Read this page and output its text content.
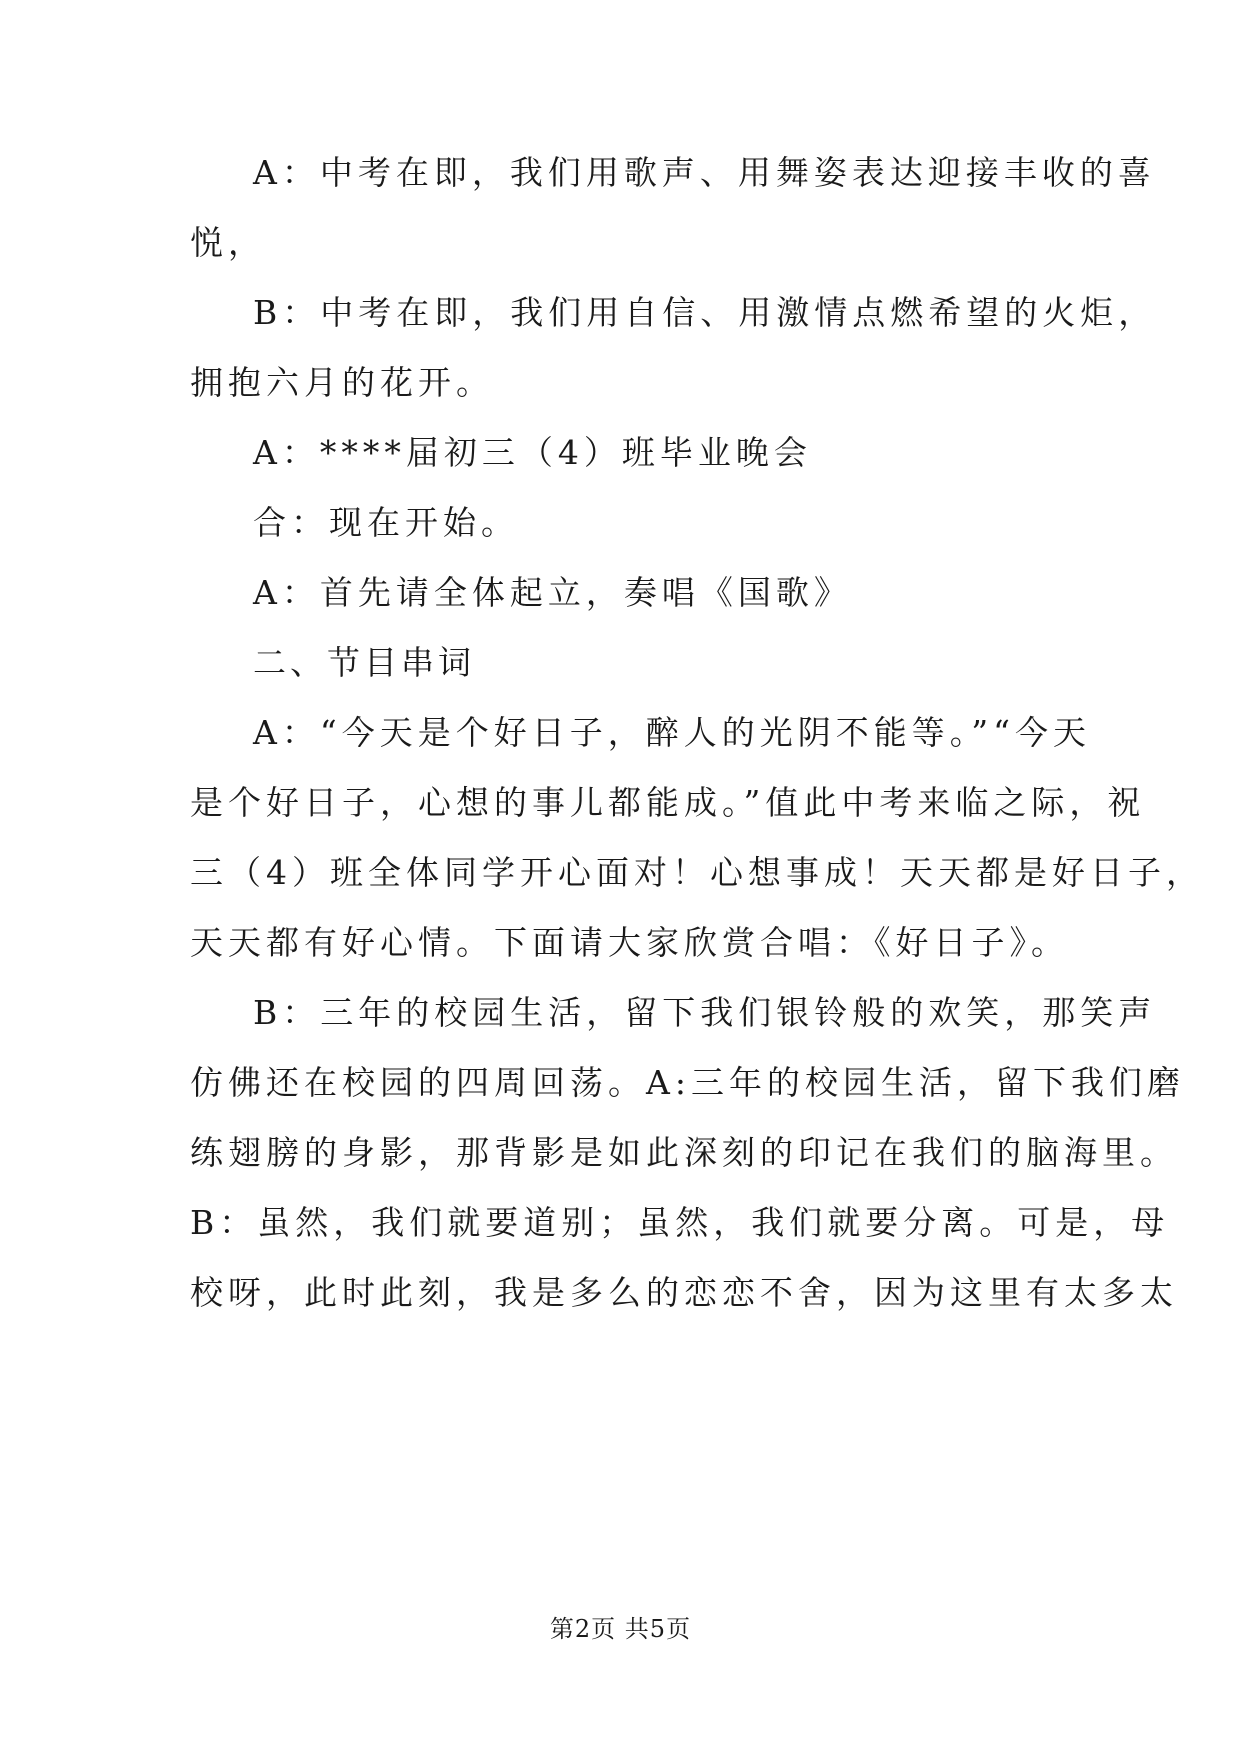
A：中考在即，我们用歌声、用舞姿表达迎接丰收的喜
悦，
B：中考在即，我们用自信、用激情点燃希望的火炬，
拥抱六月的花开。
A：****届初三（4）班毕业晚会
合：现在开始。
A：首先请全体起立，奏唱《国歌》
二、节目串词
A：“今天是个好日子，醉人的光阴不能等。”“今天
是个好日子，心想的事儿都能成。”值此中考来临之际，祝
三（4）班全体同学开心面对！心想事成！天天都是好日子，
天天都有好心情。下面请大家欣赏合唱：《好日子》。
B：三年的校园生活，留下我们银铃般的欢笑，那笑声
仿佛还在校园的四周回荡。A:三年的校园生活，留下我们磨
练翅膀的身影，那背影是如此深刻的印记在我们的脑海里。
B：虽然，我们就要道别；虽然，我们就要分离。可是，母
校呀，此时此刻，我是多么的恋恋不舍，因为这里有太多太
第2页 共5页
